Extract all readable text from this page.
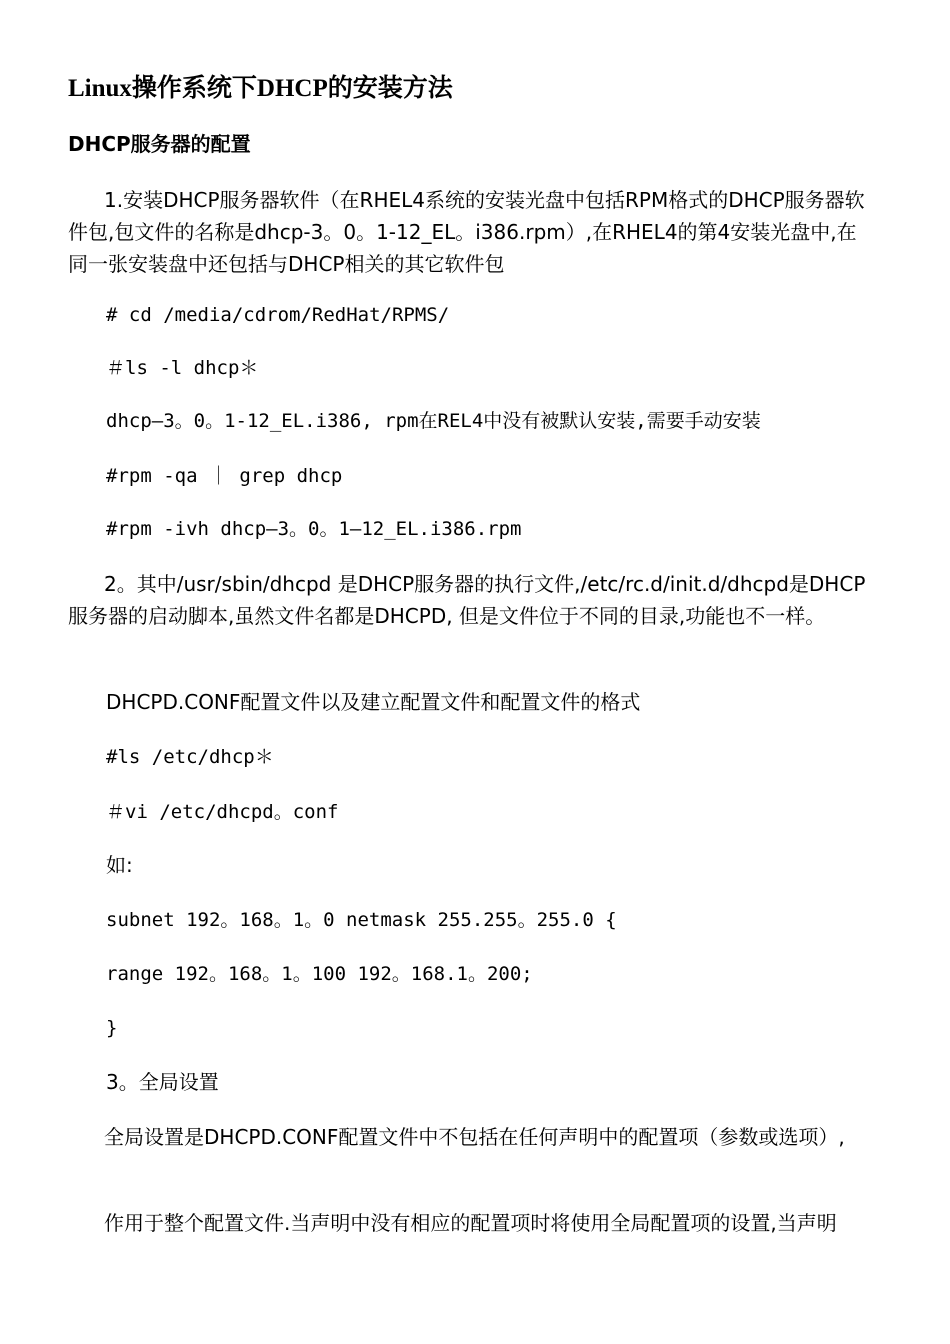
Linux操作系统下DHCP的安装方法
DHCP服务器的配置
1.安装DHCP服务器软件（在RHEL4系统的安装光盘中包括RPM格式的DHCP服务器软件包,包文件的名称是dhcp-3。0。1-12_EL。i386.rpm）,在RHEL4的第4安装光盘中,在同一张安装盘中还包括与DHCP相关的其它软件包
# cd /media/cdrom/RedHat/RPMS/
＃ls -l dhcp＊
dhcp—3。0。1-12_EL.i386, rpm在REL4中没有被默认安装,需要手动安装
#rpm -qa ｜ grep dhcp
#rpm -ivh dhcp—3。0。1—12_EL.i386.rpm
2。其中/usr/sbin/dhcpd 是DHCP服务器的执行文件,/etc/rc.d/init.d/dhcpd是DHCP服务器的启动脚本,虽然文件名都是DHCPD, 但是文件位于不同的目录,功能也不一样。
DHCPD.CONF配置文件以及建立配置文件和配置文件的格式
#ls /etc/dhcp＊
＃vi /etc/dhcpd。conf
如:
subnet 192。168。1。0 netmask 255.255。255.0 {
range 192。168。1。100 192。168.1。200;
}
3。全局设置
全局设置是DHCPD.CONF配置文件中不包括在任何声明中的配置项（参数或选项）,
作用于整个配置文件.当声明中没有相应的配置项时将使用全局配置项的设置,当声明
